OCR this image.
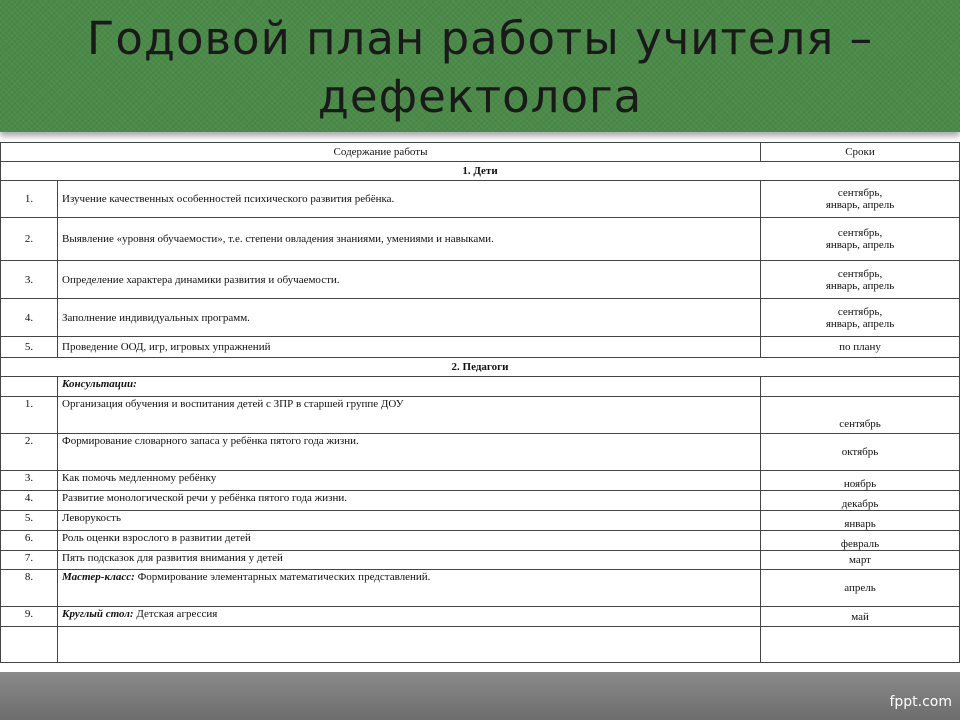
Годовой план работы учителя – дефектолога
Содержание работы		Сроки
1. Дети		
1.	Изучение качественных особенностей психического развития ребёнка.	сентябрь,
январь, апрель
2.	Выявление «уровня обучаемости», т.е. степени овладения знаниями, умениями и навыками.	сентябрь,
январь, апрель
3.	Определение характера динамики развития и обучаемости.	сентябрь,
январь, апрель
4.	Заполнение индивидуальных программ.	сентябрь,
январь, апрель
5.	Проведение ООД, игр, игровых упражнений	по плану
2. Педагоги		
	Консультации:	
1.	Организация обучения и воспитания детей с ЗПР в старшей группе ДОУ	сентябрь
2.	Формирование словарного запаса у ребёнка пятого года жизни.	октябрь
3.	Как помочь медленному ребёнку	ноябрь
4.	Развитие монологической речи у ребёнка пятого года жизни.	декабрь
5.	Леворукость	январь
6.	Роль оценки взрослого в развитии детей	февраль
7.	Пять подсказок для развития внимания у детей	март
8.	Мастер-класс: Формирование элементарных математических представлений.	апрель
9.	Круглый стол: Детская агрессия	май

fppt.com
